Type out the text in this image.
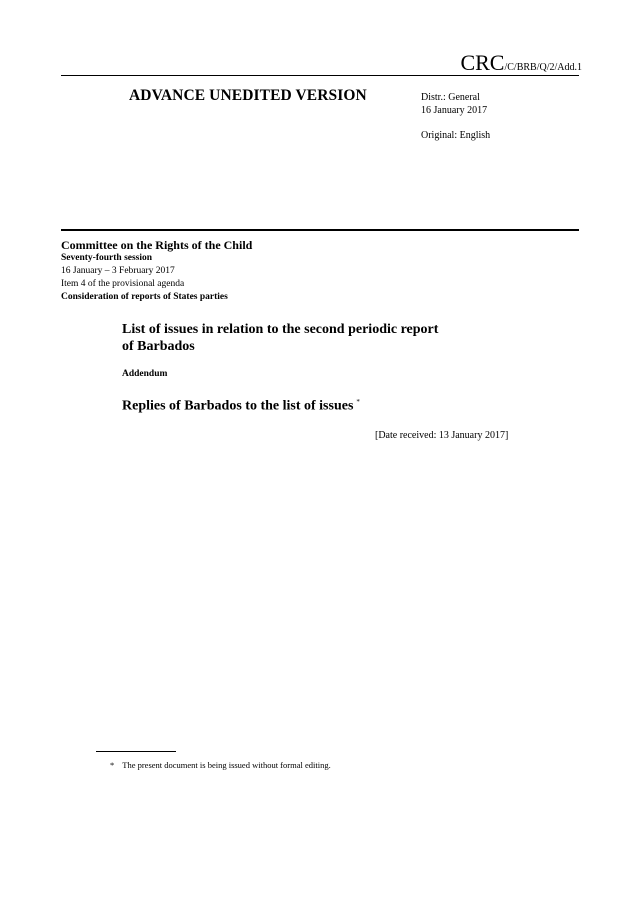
CRC/C/BRB/Q/2/Add.1
ADVANCE UNEDITED VERSION	Distr.: General
16 January 2017
Original: English
Committee on the Rights of the Child
Seventy-fourth session
16 January – 3 February 2017
Item 4 of the provisional agenda
Consideration of reports of States parties
List of issues in relation to the second periodic report
of Barbados
Addendum
Replies of Barbados to the list of issues *
[Date received: 13 January 2017]
* The present document is being issued without formal editing.
